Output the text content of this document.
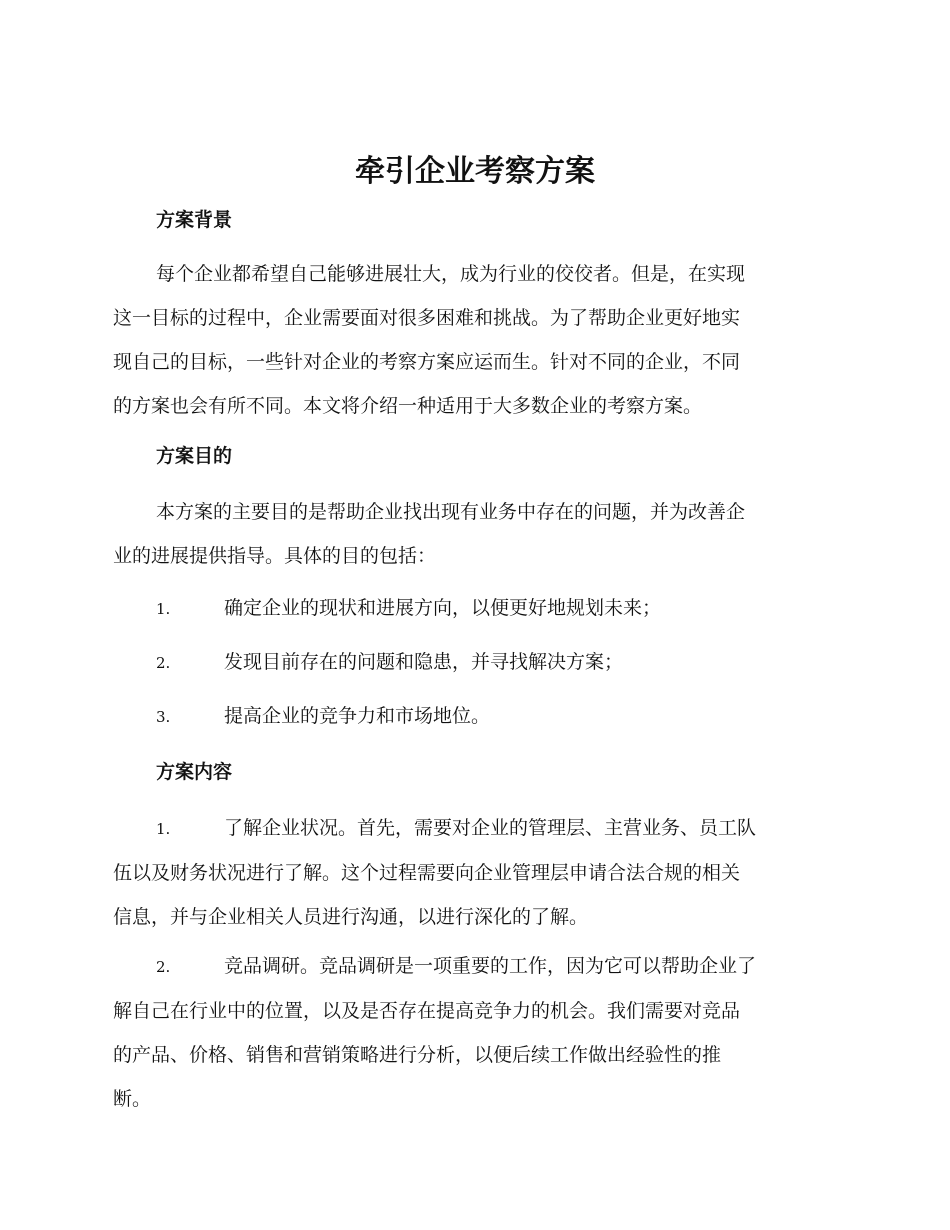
牵引企业考察方案
方案背景
每个企业都希望自己能够进展壮大，成为行业的佼佼者。但是，在实现
这一目标的过程中，企业需要面对很多困难和挑战。为了帮助企业更好地实
现自己的目标，一些针对企业的考察方案应运而生。针对不同的企业，不同
的方案也会有所不同。本文将介绍一种适用于大多数企业的考察方案。
方案目的
本方案的主要目的是帮助企业找出现有业务中存在的问题，并为改善企
业的进展提供指导。具体的目的包括：
1.	确定企业的现状和进展方向，以便更好地规划未来；
2.	发现目前存在的问题和隐患，并寻找解决方案；
3.	提高企业的竞争力和市场地位。
方案内容
1.	了解企业状况。首先，需要对企业的管理层、主营业务、员工队
伍以及财务状况进行了解。这个过程需要向企业管理层申请合法合规的相关
信息，并与企业相关人员进行沟通，以进行深化的了解。
2.	竞品调研。竞品调研是一项重要的工作，因为它可以帮助企业了
解自己在行业中的位置，以及是否存在提高竞争力的机会。我们需要对竞品
的产品、价格、销售和营销策略进行分析，以便后续工作做出经验性的推
断。
